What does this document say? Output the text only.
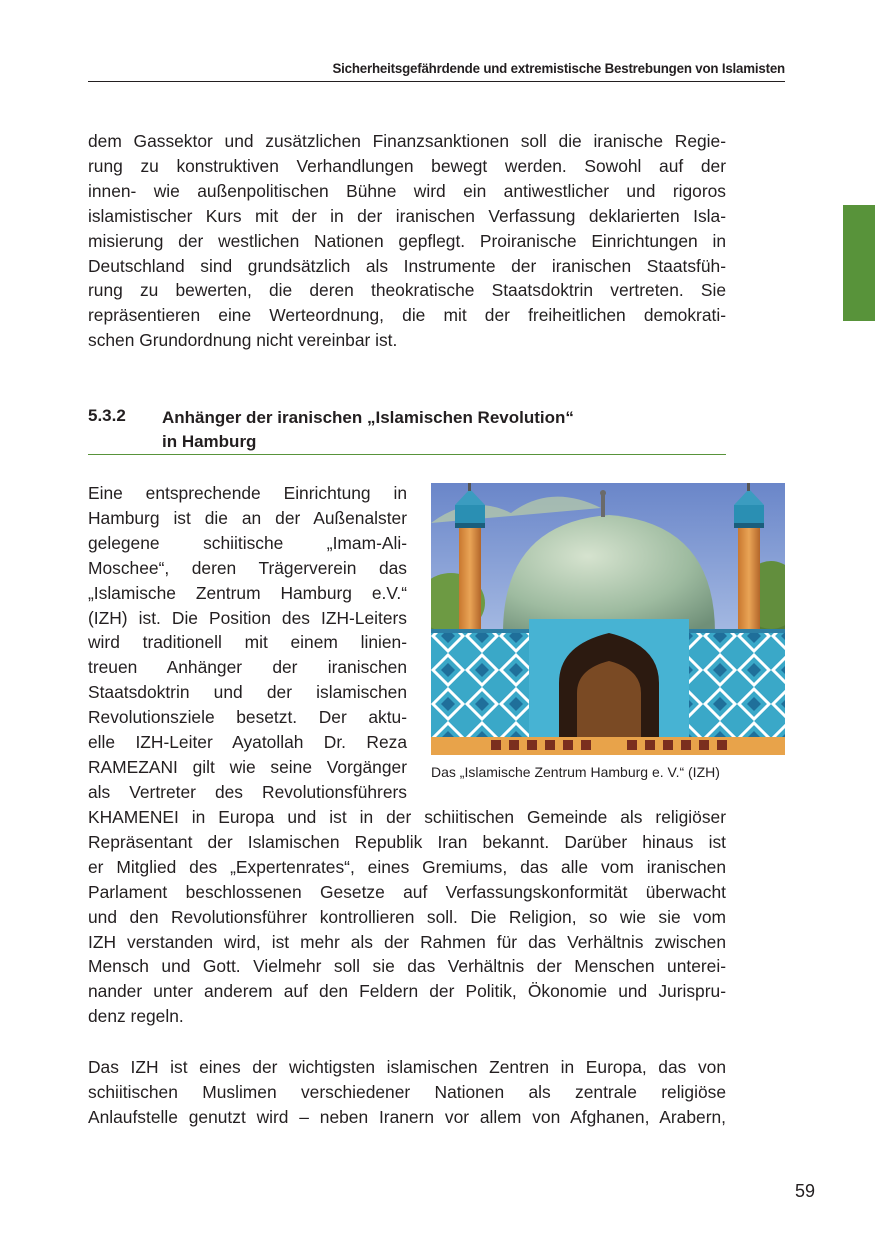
Sicherheitsgefährdende und extremistische Bestrebungen von Islamisten
dem Gassektor und zusätzlichen Finanzsanktionen soll die iranische Regie-
rung zu konstruktiven Verhandlungen bewegt werden. Sowohl auf der
innen- wie außenpolitischen Bühne wird ein antiwestlicher und rigoros
islamistischer Kurs mit der in der iranischen Verfassung deklarierten Isla-
misierung der westlichen Nationen gepflegt. Proiranische Einrichtungen in
Deutschland sind grundsätzlich als Instrumente der iranischen Staatsfüh-
rung zu bewerten, die deren theokratische Staatsdoktrin vertreten. Sie
repräsentieren eine Werteordnung, die mit der freiheitlichen demokrati-
schen Grundordnung nicht vereinbar ist.
5.3.2 Anhänger der iranischen „Islamischen Revolution“
in Hamburg
Eine entsprechende Einrichtung in
Hamburg ist die an der Außenalster
gelegene schiitische „Imam-Ali-
Moschee“, deren Trägerverein das
„Islamische Zentrum Hamburg e.V.“
(IZH) ist. Die Position des IZH-Leiters
wird traditionell mit einem linien-
treuen Anhänger der iranischen
Staatsdoktrin und der islamischen
Revolutionsziele besetzt. Der aktu-
elle IZH-Leiter Ayatollah Dr. Reza
RAMEZANI gilt wie seine Vorgänger
als Vertreter des Revolutionsführers
KHAMENEI in Europa und ist in der schiitischen Gemeinde als religiöser
Repräsentant der Islamischen Republik Iran bekannt. Darüber hinaus ist
er Mitglied des „Expertenrates“, eines Gremiums, das alle vom iranischen
Parlament beschlossenen Gesetze auf Verfassungskonformität überwacht
und den Revolutionsführer kontrollieren soll. Die Religion, so wie sie vom
IZH verstanden wird, ist mehr als der Rahmen für das Verhältnis zwischen
Mensch und Gott. Vielmehr soll sie das Verhältnis der Menschen unterei-
nander unter anderem auf den Feldern der Politik, Ökonomie und Jurispru-
denz regeln.
Das IZH ist eines der wichtigsten islamischen Zentren in Europa, das von
schiitischen Muslimen verschiedener Nationen als zentrale religiöse
Anlaufstelle genutzt wird – neben Iranern vor allem von Afghanen, Arabern,
Das „Islamische Zentrum Hamburg e. V.“ (IZH)
59
